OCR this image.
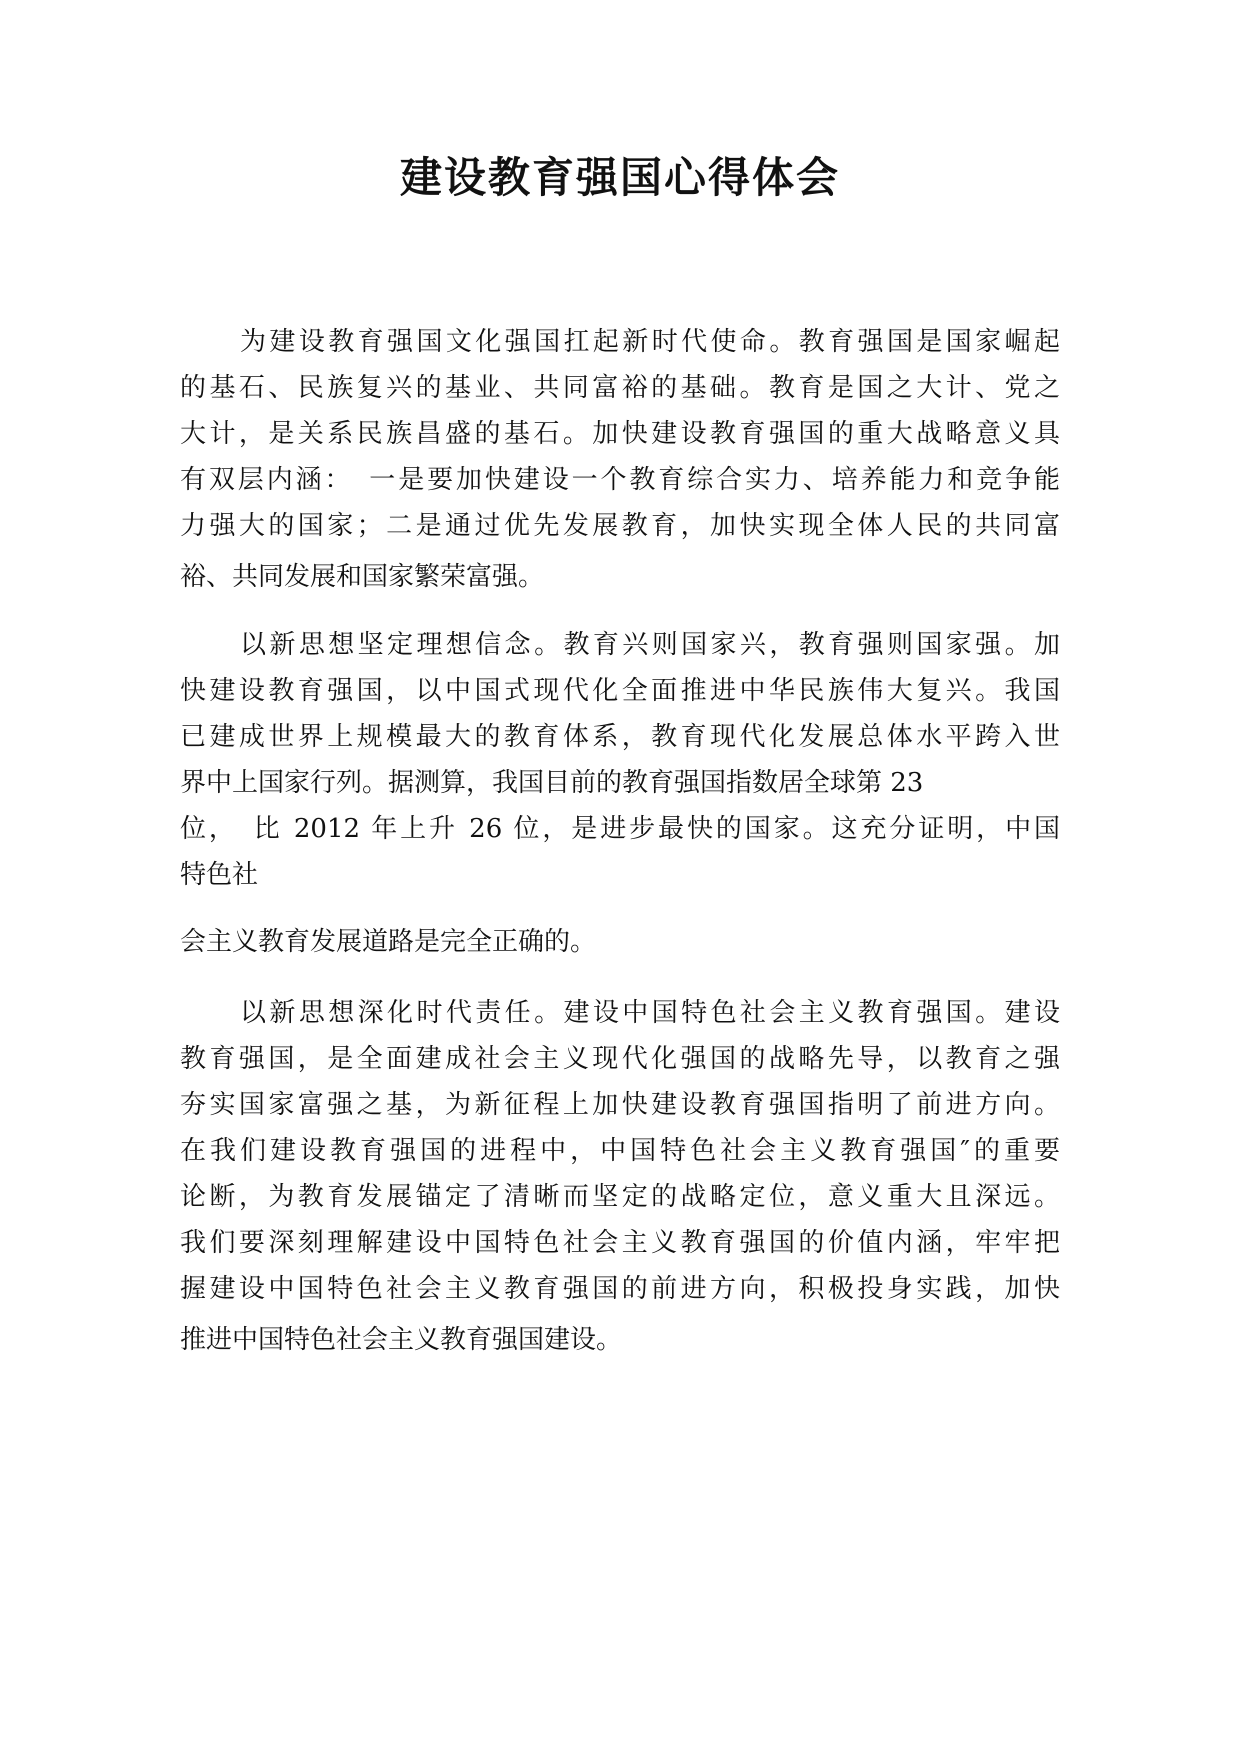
建设教育强国心得体会
为建设教育强国文化强国扛起新时代使命。教育强国是国家崛起
的基石、民族复兴的基业、共同富裕的基础。教育是国之大计、党之
大计，是关系民族昌盛的基石。加快建设教育强国的重大战略意义具
有双层内涵：　一是要加快建设一个教育综合实力、培养能力和竞争能
力强大的国家；二是通过优先发展教育，加快实现全体人民的共同富
裕、共同发展和国家繁荣富强。
以新思想坚定理想信念。教育兴则国家兴，教育强则国家强。加
快建设教育强国，以中国式现代化全面推进中华民族伟大复兴。我国
已建成世界上规模最大的教育体系，教育现代化发展总体水平跨入世
界中上国家行列。据测算，我国目前的教育强国指数居全球第 23
位，　比 2012 年上升 26 位，是进步最快的国家。这充分证明，中国
特色社
会主义教育发展道路是完全正确的。
以新思想深化时代责任。建设中国特色社会主义教育强国。建设
教育强国，是全面建成社会主义现代化强国的战略先导，以教育之强
夯实国家富强之基，为新征程上加快建设教育强国指明了前进方向。
在我们建设教育强国的进程中，中国特色社会主义教育强国″的重要
论断，为教育发展锚定了清晰而坚定的战略定位，意义重大且深远。
我们要深刻理解建设中国特色社会主义教育强国的价值内涵，牢牢把
握建设中国特色社会主义教育强国的前进方向，积极投身实践，加快
推进中国特色社会主义教育强国建设。
